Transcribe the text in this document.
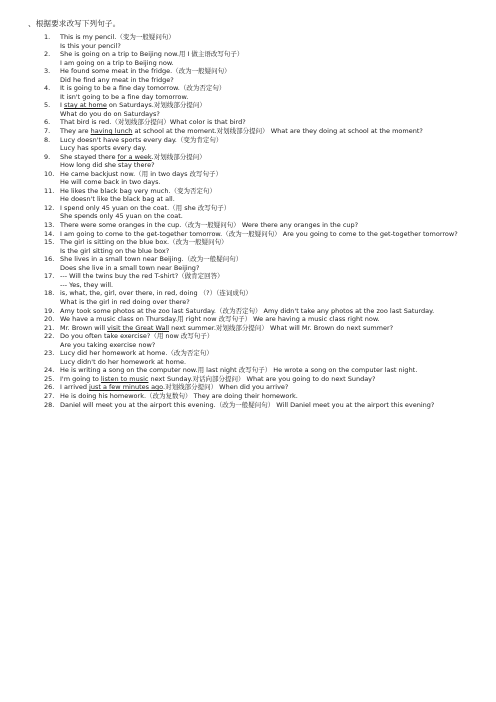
、根据要求改写下列句子。
1. This is my pencil.（变为一般疑问句）
Is this your pencil?
2. She is going on a trip to Beijing now.用 I 做主语改写句子）
I am going on a trip to Beijing now.
3. He found some meat in the fridge.（改为一般疑问句）
Did he find any meat in the fridge?
4. It is going to be a fine day tomorrow.（改为否定句）
It isn't going to be a fine day tomorrow.
5. I stay at home on Saturdays.对划线部分提问）
What do you do on Saturdays?
6. That bird is red.（对划线部分提问）What color is that bird?
7. They are having lunch at school at the moment.对划线部分提问） What are they doing at school at the moment?
8. Lucy doesn't have sports every day.（变为肯定句）
Lucy has sports every day.
9. She stayed there for a week.对划线部分提问）
How long did she stay there?
10. He came backjust now.（用 in two days 改写句子）
He will come back in two days.
11. He likes the black bag very much.（变为否定句）
He doesn't like the black bag at all.
12. I spend only 45 yuan on the coat.（用 she 改写句子）
She spends only 45 yuan on the coat.
13. There were some oranges in the cup.（改为一般疑问句） Were there any oranges in the cup?
14. I am going to come to the get-together tomorrow.（改为一般疑问句） Are you going to come to the get-together tomorrow?
15. The girl is sitting on the blue box.（改为一般疑问句）
Is the girl sitting on the blue box?
16. She lives in a small town near Beijing.（改为一般疑问句）
Does she live in a small town near Beijing?
17. --- Will the twins buy the red T-shirt?（做肯定回答）
--- Yes, they will.
18. is, what, the, girl, over there, in red, doing （?）（连词成句）
What is the girl in red doing over there?
19. Amy took some photos at the zoo last Saturday.（改为否定句） Amy didn't take any photos at the zoo last Saturday.
20. We have a music class on Thursday.用 right now 改写句子） We are having a music class right now.
21. Mr. Brown will visit the Great Wall next summer.对划线部分提问） What will Mr. Brown do next summer?
22. Do you often take exercise?（用 now 改写句子）
Are you taking exercise now?
23. Lucy did her homework at home.（改为否定句）
Lucy didn't do her homework at home.
24. He is writing a song on the computer now.用 last night 改写句子） He wrote a song on the computer last night.
25. I'm going to listen to music next Sunday.对话向部分提问） What are you going to do next Sunday?
26. I arrived just a few minutes ago.对划线部分提问） When did you arrive?
27. He is doing his homework.（改为复数句） They are doing their homework.
28. Daniel will meet you at the airport this evening.（改为一般疑问句） Will Daniel meet you at the airport this evening?
